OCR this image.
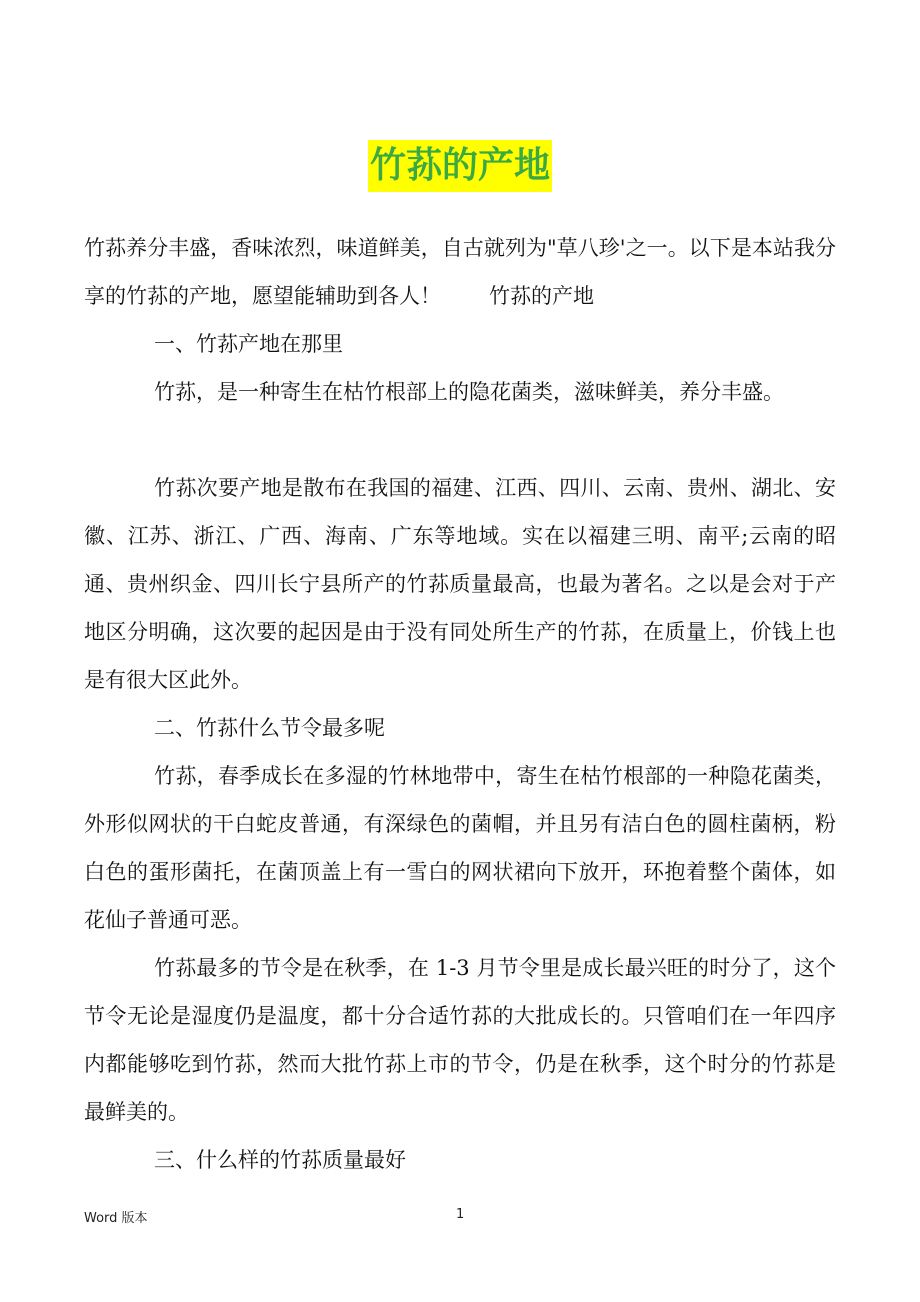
竹荪的产地

竹荪养分丰盛，香味浓烈，味道鲜美，自古就列为"草八珍'之一。以下是本站我分享的竹荪的产地，愿望能辅助到各人！ 竹荪的产地

一、竹荪产地在那里

竹荪，是一种寄生在枯竹根部上的隐花菌类，滋味鲜美，养分丰盛。

竹荪次要产地是散布在我国的福建、江西、四川、云南、贵州、湖北、安徽、江苏、浙江、广西、海南、广东等地域。实在以福建三明、南平;云南的昭通、贵州织金、四川长宁县所产的竹荪质量最高，也最为著名。之以是会对于产地区分明确，这次要的起因是由于没有同处所生产的竹荪，在质量上，价钱上也是有很大区此外。

二、竹荪什么节令最多呢

竹荪，春季成长在多湿的竹林地带中，寄生在枯竹根部的一种隐花菌类，外形似网状的干白蛇皮普通，有深绿色的菌帽，并且另有洁白色的圆柱菌柄，粉白色的蛋形菌托，在菌顶盖上有一雪白的网状裙向下放开，环抱着整个菌体，如花仙子普通可恶。

竹荪最多的节令是在秋季，在 1-3 月节令里是成长最兴旺的时分了，这个节令无论是湿度仍是温度，都十分合适竹荪的大批成长的。只管咱们在一年四序内都能够吃到竹荪，然而大批竹荪上市的节令，仍是在秋季，这个时分的竹荪是最鲜美的。

三、什么样的竹荪质量最好

Word 版本	1
